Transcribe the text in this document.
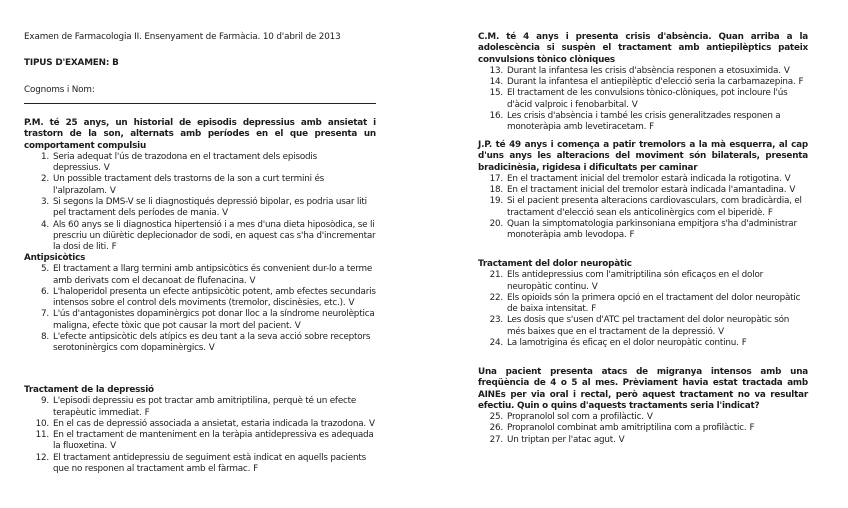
Examen de Farmacologia II. Ensenyament de Farmàcia. 10 d'abril de 2013
TIPUS D'EXAMEN: B
Cognoms i Nom:
P.M. té 25 anys, un historial de episodis depressius amb ansietat i trastorn de la son, alternats amb períodes en el que presenta un comportament compulsiu
1. Seria adequat l'ús de trazodona en el tractament dels episodis depressius. V
2. Un possible tractament dels trastorns de la son a curt termini és l'alprazolam. V
3. Si segons la DMS-V se li diagnostiqués depressió bipolar, es podria usar liti pel tractament dels períodes de mania. V
4. Als 60 anys se li diagnostica hipertensió i a mes d'una dieta hiposòdica, se li prescriu un diürètic deplecionador de sodi, en aquest cas s'ha d'incrementar la dosi de liti. F
Antipsicòtics
5. El tractament a llarg termini amb antipsicòtics és convenient dur-lo a terme amb derivats com el decanoat de flufenacina. V
6. L'haloperidol presenta un efecte antipsicòtic potent, amb efectes secundaris intensos sobre el control dels moviments (tremolor, discinèsies, etc.). V
7. L'ús d'antagonistes dopaminèrgics pot donar lloc a la síndrome neurolèptica maligna, efecte tòxic que pot causar la mort del pacient. V
8. L'efecte antipsicòtic dels atípics es deu tant a la seva acció sobre receptors serotoninèrgics com dopaminèrgics. V
Tractament de la depressió
9. L'episodi depressiu es pot tractar amb amitriptilina, perquè té un efecte terapèutic immediat. F
10. En el cas de depressió associada a ansietat, estaria indicada la trazodona. V
11. En el tractament de manteniment en la teràpia antidepressiva es adequada la fluoxetina. V
12. El tractament antidepressiu de seguiment està indicat en aquells pacients que no responen al tractament amb el fàrmac. F
C.M. té 4 anys i presenta crisis d'absència. Quan arriba a la adolescència si suspèn el tractament amb antiepilèptics pateix convulsions tònico clòniques
13. Durant la infantesa les crisis d'absència responen a etosuximida. V
14. Durant la infantesa el antiepilèptic d'elecció seria la carbamazepina. F
15. El tractament de les convulsions tònico-clòniques, pot incloure l'ús d'àcid valproic i fenobarbital. V
16. Les crisis d'absència i també les crisis generalitzades responen a monoteràpia amb levetiracetam. F
J.P. té 49 anys i comença a patir tremolors a la mà esquerra, al cap d'uns anys les alteracions del moviment són bilaterals, presenta bradicinèsia, rigidesa i dificultats per caminar
17. En el tractament inicial del tremolor estarà indicada la rotigotina. V
18. En el tractament inicial del tremolor estarà indicada l'amantadina. V
19. Si el pacient presenta alteracions cardiovasculars, com bradicàrdia, el tractament d'elecció sean els anticolinèrgics com el biperidè. F
20. Quan la simptomatologia parkinsoniana empitjora s'ha d'administrar monoteràpia amb levodopa. F
Tractament del dolor neuropàtic
21. Els antidepressius com l'amitriptilina són eficaços en el dolor neuropàtic continu. V
22. Els opioids són la primera opció en el tractament del dolor neuropàtic de baixa intensitat. F
23. Les dosis que s'usen d'ATC pel tractament del dolor neuropàtic són més baixes que en el tractament de la depressió. V
24. La lamotrigina és eficaç en el dolor neuropàtic continu. F
Una pacient presenta atacs de migranya intensos amb una freqüència de 4 o 5 al mes. Prèviament havia estat tractada amb AINEs per via oral i rectal, però aquest tractament no va resultar efectiu. Quin o quins d'aquests tractaments seria l'indicat?
25. Propranolol sol com a profilàctic. V
26. Propranolol combinat amb amitriptilina com a profilàctic. F
27. Un triptan per l'atac agut. V
